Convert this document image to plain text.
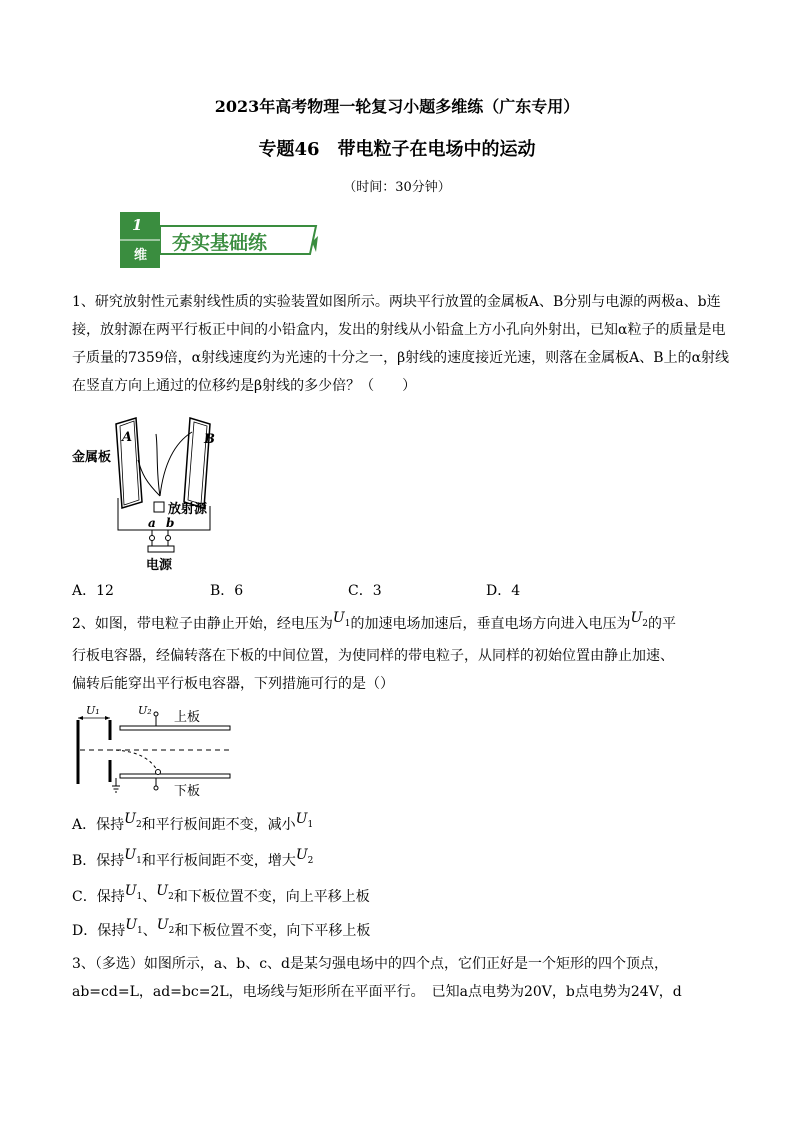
2023年高考物理一轮复习小题多维练（广东专用）
专题46　带电粒子在电场中的运动
（时间：30分钟）
1
维
夯实基础练
1、研究放射性元素射线性质的实验装置如图所示。两块平行放置的金属板A、B分别与电源的两极a、b连接，放射源在两平行板正中间的小铅盒内，发出的射线从小铅盒上方小孔向外射出，已知α粒子的质量是电子质量的7359倍，α射线速度约为光速的十分之一，β射线的速度接近光速，则落在金属板A、B上的α射线在竖直方向上通过的位移约是β射线的多少倍？（　　）
A	B
金属板
放射源
a b
电源
A．12	B．6	C．3	D．4
2、如图，带电粒子由静止开始，经电压为$U_1$的加速电场加速后，垂直电场方向进入电压为$U_2$的平
行板电容器，经偏转落在下板的中间位置，为使同样的带电粒子，从同样的初始位置由静止加速、
偏转后能穿出平行板电容器，下列措施可行的是（）
U₁	U₂ 上板
下板
A．保持$U_2$和平行板间距不变，减小$U_1$
B．保持$U_1$和平行板间距不变，增大$U_2$
C．保持$U_1$、$U_2$和下板位置不变，向上平移上板
D．保持$U_1$、$U_2$和下板位置不变，向下平移上板
3、（多选）如图所示，a、b、c、d是某匀强电场中的四个点，它们正好是一个矩形的四个顶点，
ab=cd=L，ad=bc=2L，电场线与矩形所在平面平行。　已知a点电势为20V，b点电势为24V，d
